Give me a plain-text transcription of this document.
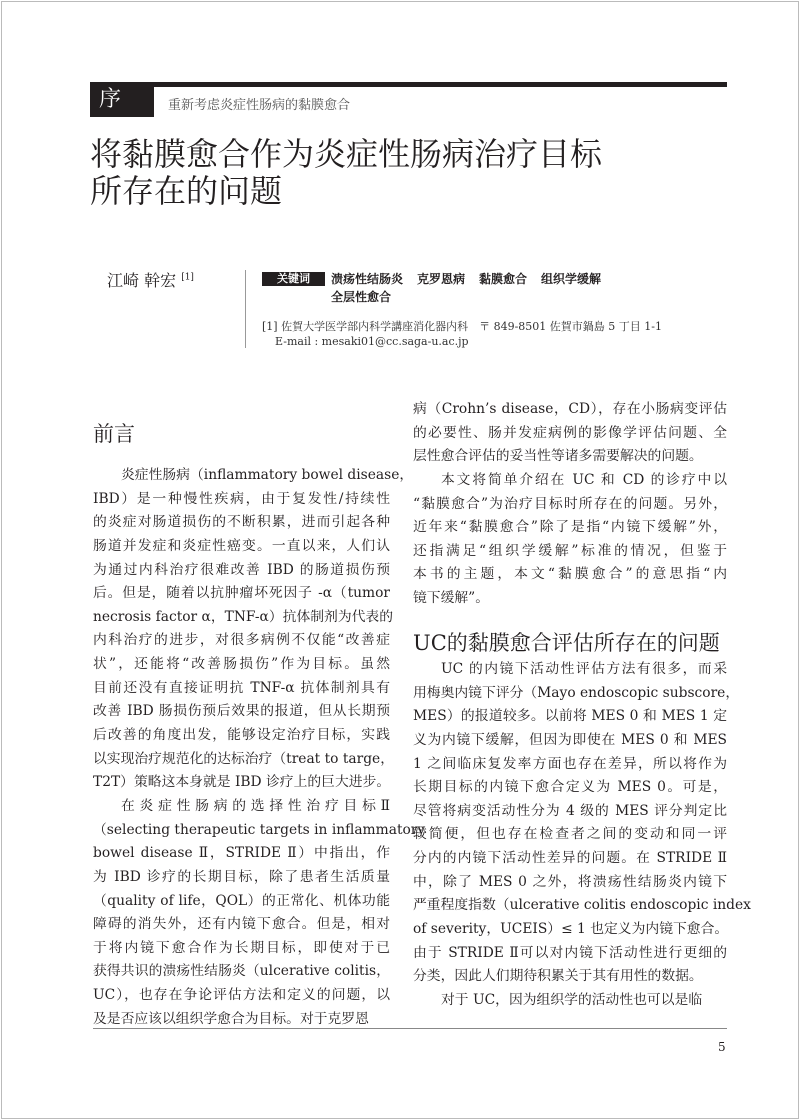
序	重新考虑炎症性肠病的黏膜愈合
将黏膜愈合作为炎症性肠病治疗目标
所存在的问题
江崎 幹宏 [1]	关键词	溃疡性结肠炎 克罗恩病 黏膜愈合 组织学缓解
全层性愈合
[1] 佐賀大学医学部内科学講座消化器内科　〒 849-8501 佐賀市鍋島 5 丁目 1-1
E-mail : mesaki01@cc.saga-u.ac.jp
前言
炎症性肠病（inflammatory bowel disease，
IBD）是一种慢性疾病，由于复发性/持续性
的炎症对肠道损伤的不断积累，进而引起各种
肠道并发症和炎症性癌变。一直以来，人们认
为通过内科治疗很难改善 IBD 的肠道损伤预
后。但是，随着以抗肿瘤坏死因子 -α（tumor
necrosis factor α，TNF-α）抗体制剂为代表的
内科治疗的进步，对很多病例不仅能“改善症
状”，还能将“改善肠损伤”作为目标。虽然
目前还没有直接证明抗 TNF-α 抗体制剂具有
改善 IBD 肠损伤预后效果的报道，但从长期预
后改善的角度出发，能够设定治疗目标，实践
以实现治疗规范化的达标治疗（treat to targe，
T2T）策略这本身就是 IBD 诊疗上的巨大进步。
在炎症性肠病的选择性治疗目标Ⅱ
（selecting therapeutic targets in inflammatory
bowel disease Ⅱ，STRIDE Ⅱ）中指出，作
为 IBD 诊疗的长期目标，除了患者生活质量
（quality of life，QOL）的正常化、机体功能
障碍的消失外，还有内镜下愈合。但是，相对
于将内镜下愈合作为长期目标，即使对于已
获得共识的溃疡性结肠炎（ulcerative colitis，
UC），也存在争论评估方法和定义的问题，以
及是否应该以组织学愈合为目标。对于克罗恩
病（Crohn’s disease，CD），存在小肠病变评估
的必要性、肠并发症病例的影像学评估问题、全
层性愈合评估的妥当性等诸多需要解决的问题。
本文将简单介绍在 UC 和 CD 的诊疗中以
“黏膜愈合”为治疗目标时所存在的问题。另外，
近年来“黏膜愈合”除了是指“内镜下缓解”外，
还指满足“组织学缓解”标准的情况，但鉴于
本书的主题，本文“黏膜愈合”的意思指“内
镜下缓解”。
UC的黏膜愈合评估所存在的问题
UC 的内镜下活动性评估方法有很多，而采
用梅奥内镜下评分（Mayo endoscopic subscore，
MES）的报道较多。以前将 MES 0 和 MES 1 定
义为内镜下缓解，但因为即使在 MES 0 和 MES
1 之间临床复发率方面也存在差异，所以将作为
长期目标的内镜下愈合定义为 MES 0。可是，
尽管将病变活动性分为 4 级的 MES 评分判定比
较简便，但也存在检查者之间的变动和同一评
分内的内镜下活动性差异的问题。在 STRIDE Ⅱ
中，除了 MES 0 之外，将溃疡性结肠炎内镜下
严重程度指数（ulcerative colitis endoscopic index
of severity，UCEIS）≤ 1 也定义为内镜下愈合。
由于 STRIDE Ⅱ可以对内镜下活动性进行更细的
分类，因此人们期待积累关于其有用性的数据。
对于 UC，因为组织学的活动性也可以是临
5
